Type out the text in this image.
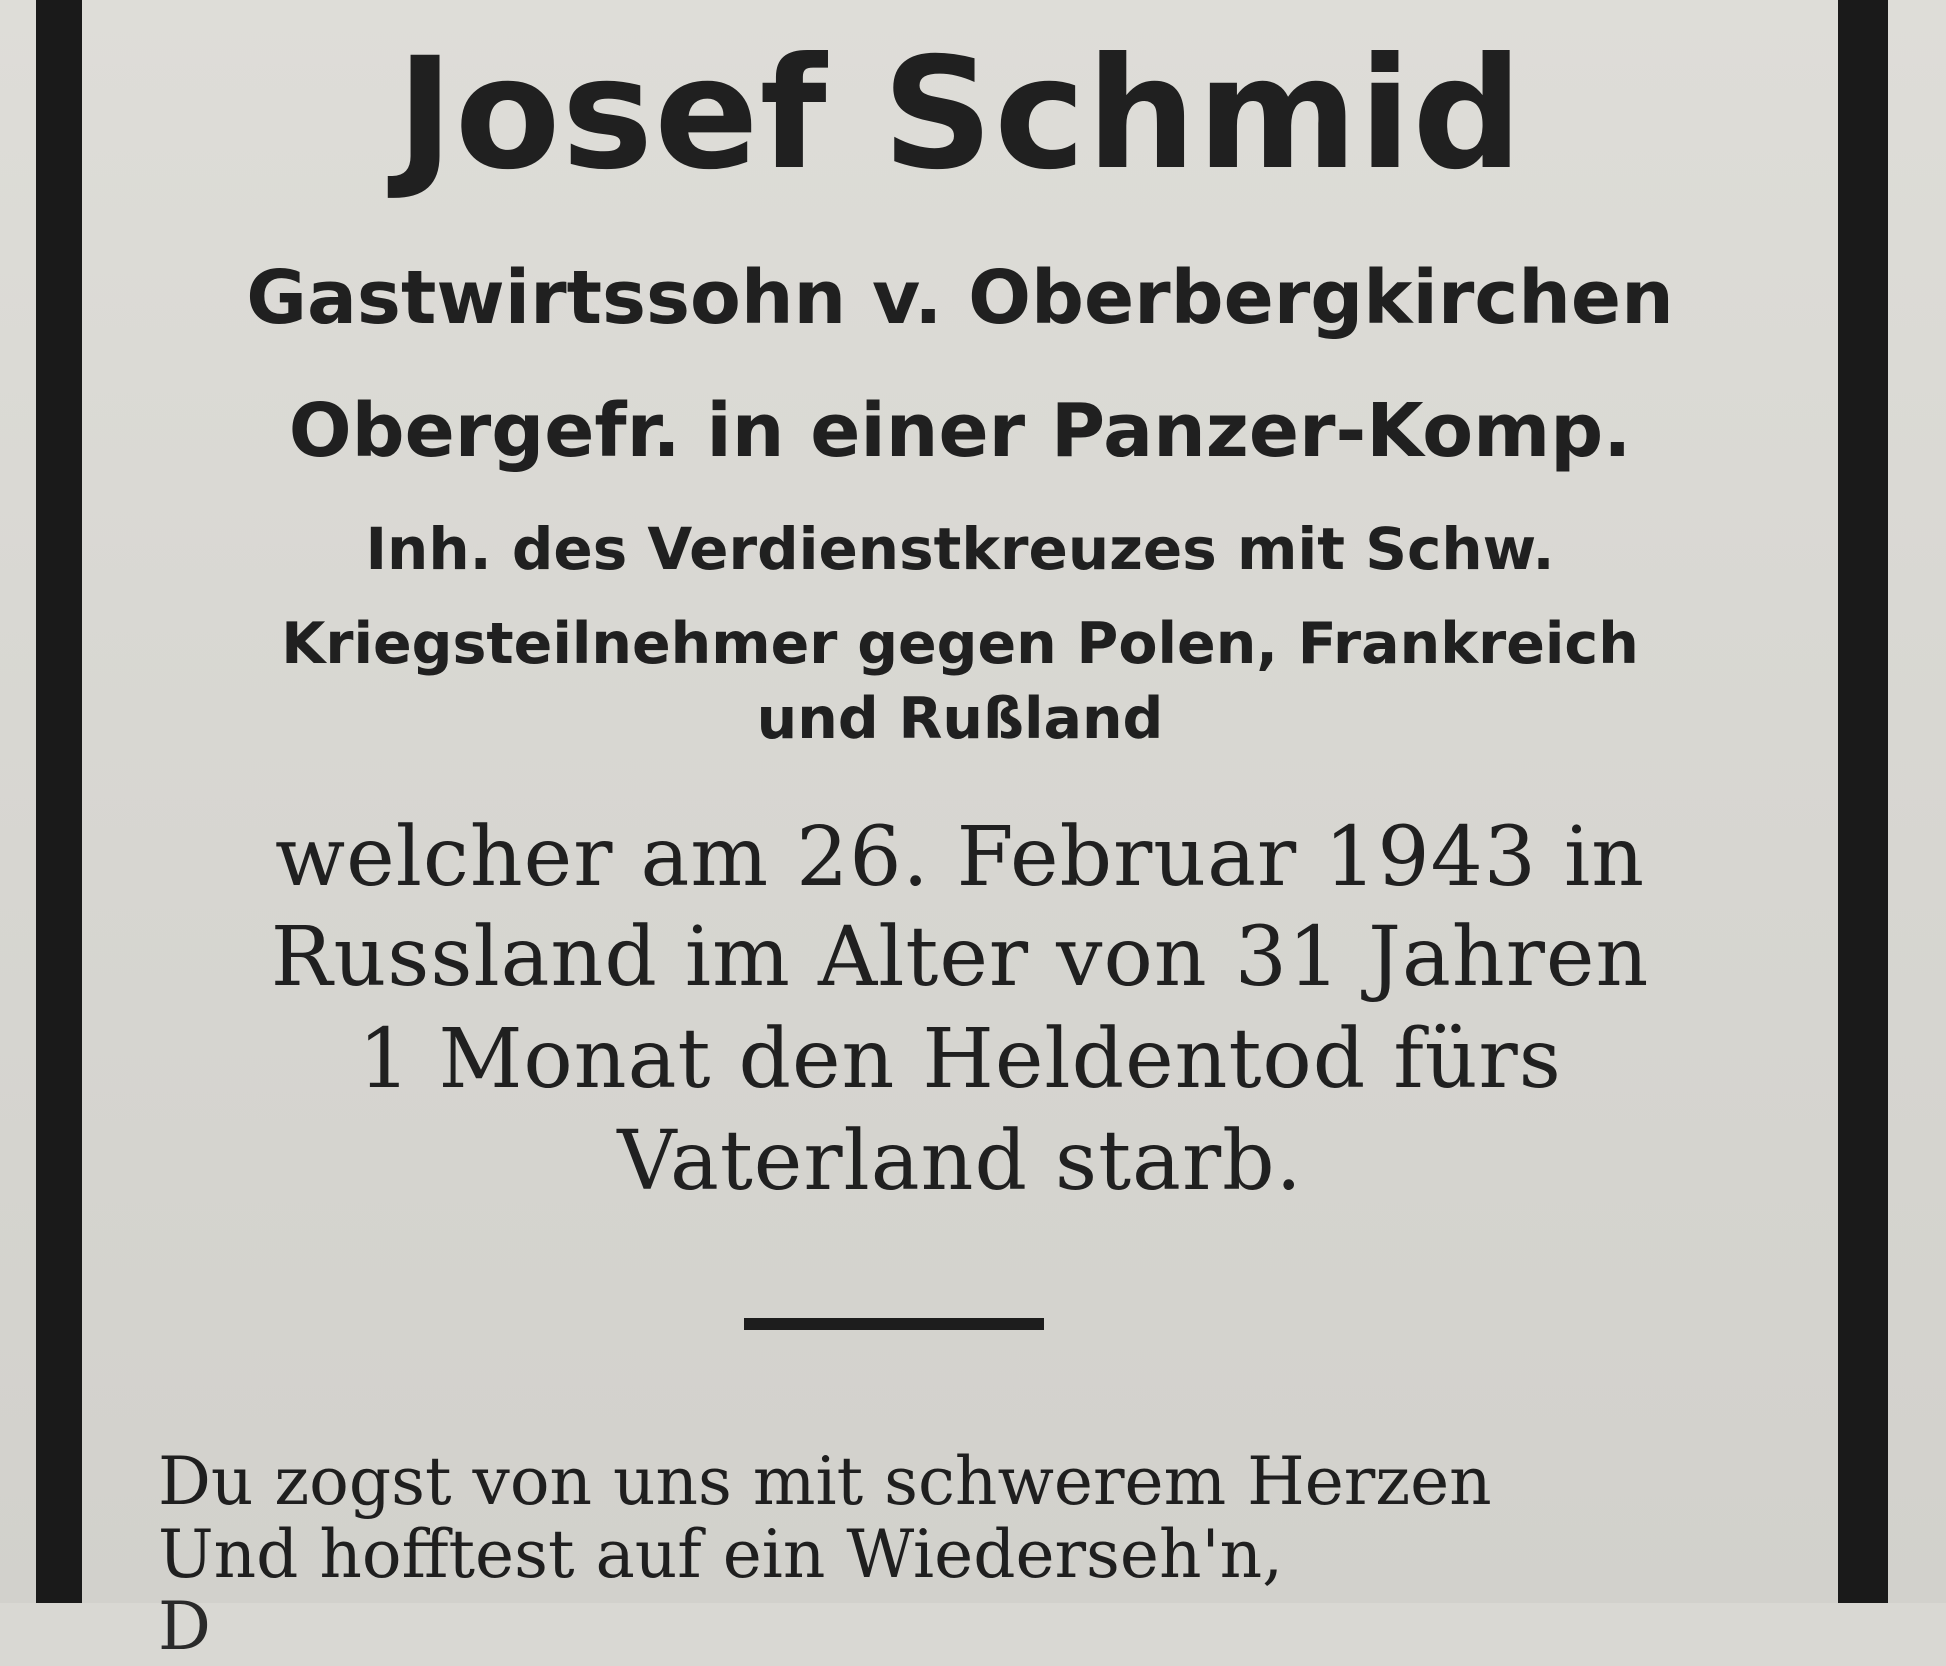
Josef Schmid
Gastwirtssohn v. Oberbergkirchen
Obergefr. in einer Panzer-Komp.
Inh. des Verdienstkreuzes mit Schw.
Kriegsteilnehmer gegen Polen, Frankreich
und Rußland
welcher am 26. Februar 1943 in
Russland im Alter von 31 Jahren
1 Monat den Heldentod fürs
Vaterland starb.
Du zogst von uns mit schwerem Herzen
Und hofftest auf ein Wiederseh'n,
D
